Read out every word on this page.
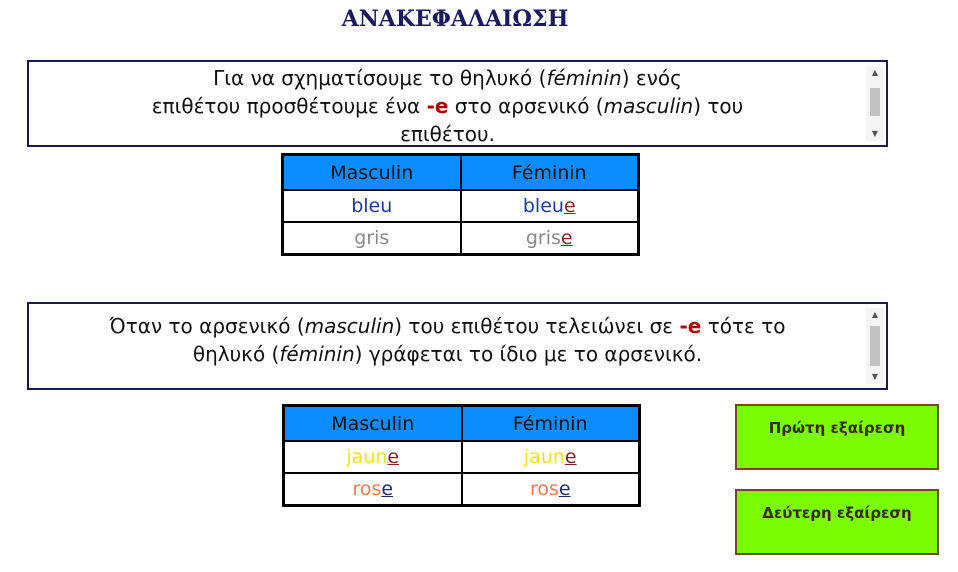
ΑΝΑΚΕΦΑΛΑΙΩΣΗ
Για να σχηματίσουμε το θηλυκό (féminin) ενός
επιθέτου προσθέτουμε ένα -e στο αρσενικό (masculin) του
επιθέτου.
▲
▼
Masculin	Féminin
bleu	bleue
gris	grise
Όταν το αρσενικό (masculin) του επιθέτου τελειώνει σε -e τότε το
θηλυκό (féminin) γράφεται το ίδιο με το αρσενικό.
▲
▼
Masculin	Féminin
jaune	jaune
rose	rose
Πρώτη εξαίρεση
Δεύτερη εξαίρεση
